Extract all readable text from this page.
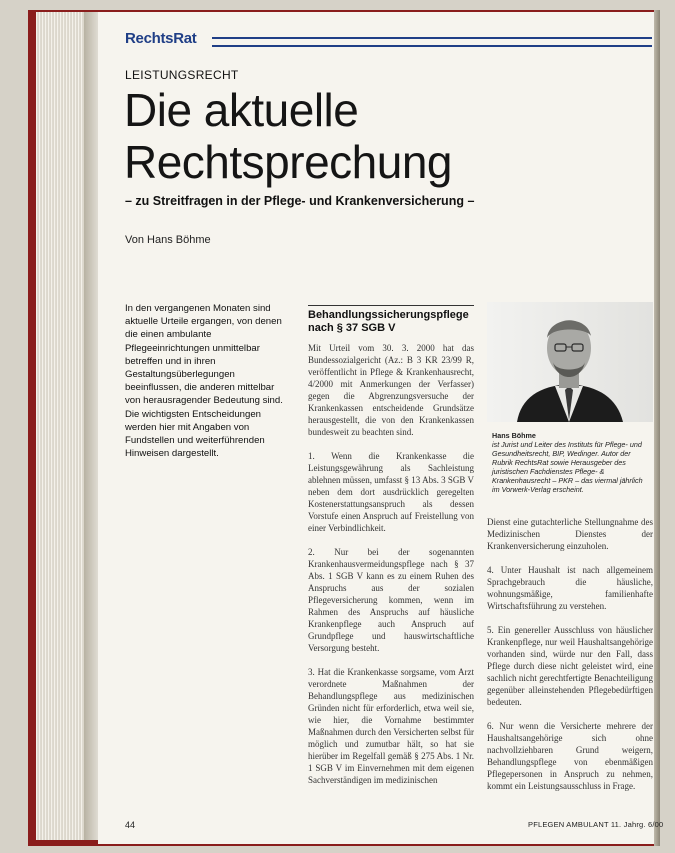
RechtsRat
LEISTUNGSRECHT
Die aktuelle
Rechtsprechung
– zu Streitfragen in der Pflege- und Krankenversicherung –
Von Hans Böhme

In den vergangenen Monaten sind aktuelle Urteile ergangen, von denen die einen ambulante Pflegeeinrichtungen unmittelbar betreffen und in ihren Gestaltungsüberlegungen beeinflussen, die anderen mittelbar von herausragender Bedeutung sind. Die wichtigsten Entscheidungen werden hier mit Angaben von Fundstellen und weiterführenden Hinweisen dargestellt.

Behandlungssicherungspflege nach § 37 SGB V

Mit Urteil vom 30. 3. 2000 hat das Bundessozialgericht (Az.: B 3 KR 23/99 R, veröffentlicht in Pflege & Krankenhausrecht, 4/2000 mit Anmerkungen der Verfasser) gegen die Abgrenzungsversuche der Krankenkassen entscheidende Grundsätze herausgestellt, die von den Krankenkassen bundesweit zu beachten sind.

1. Wenn die Krankenkasse die Leistungsgewährung als Sachleistung ablehnen müssen, umfasst § 13 Abs. 3 SGB V neben dem dort ausdrücklich geregelten Kostenerstattungsanspruch als dessen Vorstufe einen Anspruch auf Freistellung von einer Verbindlichkeit.

2. Nur bei der sogenannten Krankenhausvermeidungspflege nach § 37 Abs. 1 SGB V kann es zu einem Ruhen des Anspruchs aus der sozialen Pflegeversicherung kommen, wenn im Rahmen des Anspruchs auf häusliche Krankenpflege auch Anspruch auf Grundpflege und hauswirtschaftliche Versorgung besteht.

3. Hat die Krankenkasse sorgsame, vom Arzt verordnete Maßnahmen der Behandlungspflege aus medizinischen Gründen nicht für erforderlich, etwa weil sie, wie hier, die Vornahme bestimmter Maßnahmen durch den Versicherten selbst für möglich und zumutbar hält, so hat sie hierüber im Regelfall gemäß § 275 Abs. 1 Nr. 1 SGB V im Einvernehmen mit dem eigenen Sachverständigen im medizinischen

Hans Böhme

ist Jurist und Leiter des Instituts für Pflege- und Gesundheitsrecht, BIP, Wedinger. Autor der Rubrik RechtsRat sowie Herausgeber des juristischen Fachdienstes Pflege- & Krankenhausrecht – PKR – das viermal jährlich im Vorwerk-Verlag erscheint.

Dienst eine gutachterliche Stellungnahme des Medizinischen Dienstes der Krankenversicherung einzuholen.

4. Unter Haushalt ist nach allgemeinem Sprachgebrauch die häusliche, wohnungsmäßige, familienhafte Wirtschaftsführung zu verstehen.

5. Ein genereller Ausschluss von häuslicher Krankenpflege, nur weil Haushaltsangehörige vorhanden sind, würde nur den Fall, dass Pflege durch diese nicht geleistet wird, eine sachlich nicht gerechtfertigte Benachteiligung gegenüber alleinstehenden Pflegebedürftigen bedeuten.

6. Nur wenn die Versicherte mehrere der Haushaltsangehörige sich ohne nachvollziehbaren Grund weigern, Behandlungspflege von ebenmäßigen Pflegepersonen in Anspruch zu nehmen, kommt ein Leistungsausschluss in Frage.

44	PFLEGEN AMBULANT 11. Jahrg. 6/00
